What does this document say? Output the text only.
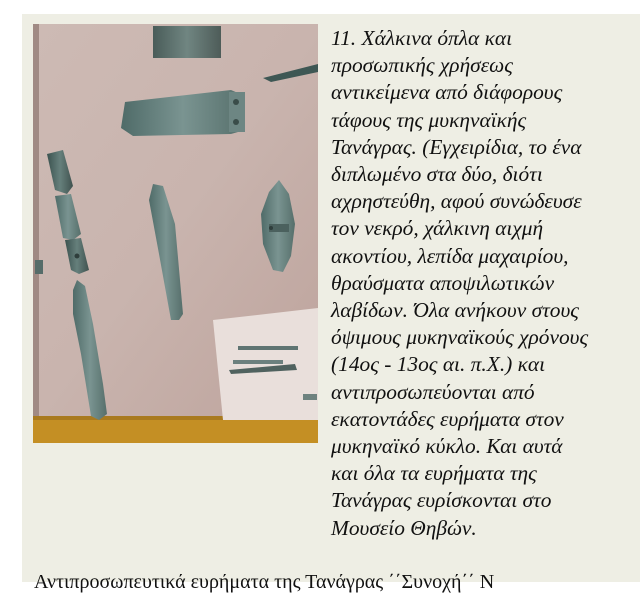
11. Χάλκινα όπλα και
προσωπικής χρήσεως
αντικείμενα από διάφορους
τάφους της μυκηναϊκής
Τανάγρας. (Εγχειρίδια, το ένα
διπλωμένο στα δύο, διότι
αχρηστεύθη, αφού συνώδευσε
τον νεκρό, χάλκινη αιχμή
ακοντίου, λεπίδα μαχαιρίου,
θραύσματα αποψιλωτικών
λαβίδων. Όλα ανήκουν στους
όψιμους μυκηναϊκούς χρόνους
(14ος - 13ος αι. π.Χ.) και
αντιπροσωπεύονται από
εκατοντάδες ευρήματα στον
μυκηναϊκό κύκλο. Και αυτά
και όλα τα ευρήματα της
Τανάγρας ευρίσκονται στο
Μουσείο Θηβών.

Αντιπροσωπευτικά ευρήματα της Τανάγρας ΄΄Συνοχή΄΄ Ν
